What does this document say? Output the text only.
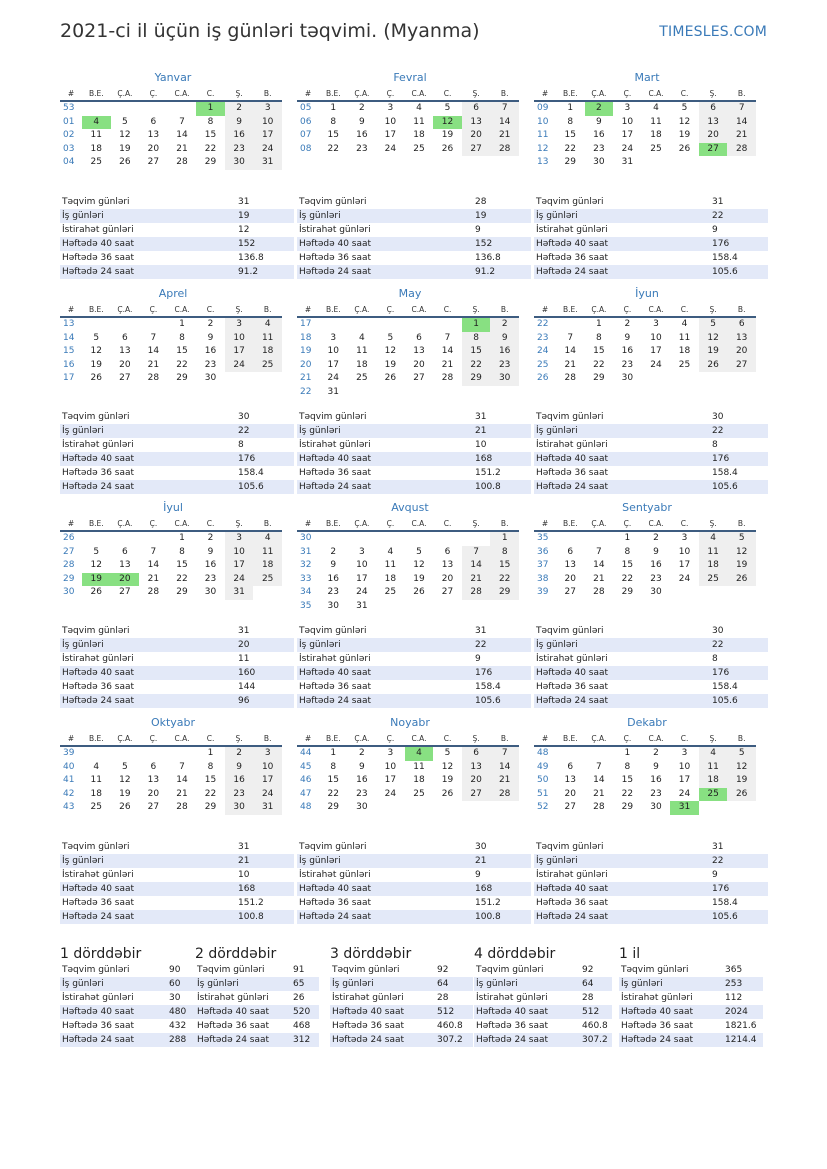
2021-ci il üçün iş günləri təqvimi. (Myanma)	TIMESLES.COM
Yanvar
#	B.E.	Ç.A.	Ç.	C.A.	C.	Ş.	B.
53					1	2	3
01	4	5	6	7	8	9	10
02	11	12	13	14	15	16	17
03	18	19	20	21	22	23	24
04	25	26	27	28	29	30	31
Təqvim günləri	31
İş günləri	19
İstirahət günləri	12
Həftədə 40 saat	152
Həftədə 36 saat	136.8
Həftədə 24 saat	91.2
Fevral
#	B.E.	Ç.A.	Ç.	C.A.	C.	Ş.	B.
05	1	2	3	4	5	6	7
06	8	9	10	11	12	13	14
07	15	16	17	18	19	20	21
08	22	23	24	25	26	27	28
Təqvim günləri	28
İş günləri	19
İstirahət günləri	9
Həftədə 40 saat	152
Həftədə 36 saat	136.8
Həftədə 24 saat	91.2
Mart
#	B.E.	Ç.A.	Ç.	C.A.	C.	Ş.	B.
09	1	2	3	4	5	6	7
10	8	9	10	11	12	13	14
11	15	16	17	18	19	20	21
12	22	23	24	25	26	27	28
13	29	30	31				
Təqvim günləri	31
İş günləri	22
İstirahət günləri	9
Həftədə 40 saat	176
Həftədə 36 saat	158.4
Həftədə 24 saat	105.6
Aprel
#	B.E.	Ç.A.	Ç.	C.A.	C.	Ş.	B.
13				1	2	3	4
14	5	6	7	8	9	10	11
15	12	13	14	15	16	17	18
16	19	20	21	22	23	24	25
17	26	27	28	29	30		
Təqvim günləri	30
İş günləri	22
İstirahət günləri	8
Həftədə 40 saat	176
Həftədə 36 saat	158.4
Həftədə 24 saat	105.6
May
#	B.E.	Ç.A.	Ç.	C.A.	C.	Ş.	B.
17						1	2
18	3	4	5	6	7	8	9
19	10	11	12	13	14	15	16
20	17	18	19	20	21	22	23
21	24	25	26	27	28	29	30
22	31						
Təqvim günləri	31
İş günləri	21
İstirahət günləri	10
Həftədə 40 saat	168
Həftədə 36 saat	151.2
Həftədə 24 saat	100.8
İyun
#	B.E.	Ç.A.	Ç.	C.A.	C.	Ş.	B.
22		1	2	3	4	5	6
23	7	8	9	10	11	12	13
24	14	15	16	17	18	19	20
25	21	22	23	24	25	26	27
26	28	29	30				
Təqvim günləri	30
İş günləri	22
İstirahət günləri	8
Həftədə 40 saat	176
Həftədə 36 saat	158.4
Həftədə 24 saat	105.6
İyul
#	B.E.	Ç.A.	Ç.	C.A.	C.	Ş.	B.
26				1	2	3	4
27	5	6	7	8	9	10	11
28	12	13	14	15	16	17	18
29	19	20	21	22	23	24	25
30	26	27	28	29	30	31	
Təqvim günləri	31
İş günləri	20
İstirahət günləri	11
Həftədə 40 saat	160
Həftədə 36 saat	144
Həftədə 24 saat	96
Avqust
#	B.E.	Ç.A.	Ç.	C.A.	C.	Ş.	B.
30							1
31	2	3	4	5	6	7	8
32	9	10	11	12	13	14	15
33	16	17	18	19	20	21	22
34	23	24	25	26	27	28	29
35	30	31					
Təqvim günləri	31
İş günləri	22
İstirahət günləri	9
Həftədə 40 saat	176
Həftədə 36 saat	158.4
Həftədə 24 saat	105.6
Sentyabr
#	B.E.	Ç.A.	Ç.	C.A.	C.	Ş.	B.
35			1	2	3	4	5
36	6	7	8	9	10	11	12
37	13	14	15	16	17	18	19
38	20	21	22	23	24	25	26
39	27	28	29	30			
Təqvim günləri	30
İş günləri	22
İstirahət günləri	8
Həftədə 40 saat	176
Həftədə 36 saat	158.4
Həftədə 24 saat	105.6
Oktyabr
#	B.E.	Ç.A.	Ç.	C.A.	C.	Ş.	B.
39					1	2	3
40	4	5	6	7	8	9	10
41	11	12	13	14	15	16	17
42	18	19	20	21	22	23	24
43	25	26	27	28	29	30	31
Təqvim günləri	31
İş günləri	21
İstirahət günləri	10
Həftədə 40 saat	168
Həftədə 36 saat	151.2
Həftədə 24 saat	100.8
Noyabr
#	B.E.	Ç.A.	Ç.	C.A.	C.	Ş.	B.
44	1	2	3	4	5	6	7
45	8	9	10	11	12	13	14
46	15	16	17	18	19	20	21
47	22	23	24	25	26	27	28
48	29	30					
Təqvim günləri	30
İş günləri	21
İstirahət günləri	9
Həftədə 40 saat	168
Həftədə 36 saat	151.2
Həftədə 24 saat	100.8
Dekabr
#	B.E.	Ç.A.	Ç.	C.A.	C.	Ş.	B.
48			1	2	3	4	5
49	6	7	8	9	10	11	12
50	13	14	15	16	17	18	19
51	20	21	22	23	24	25	26
52	27	28	29	30	31		
Təqvim günləri	31
İş günləri	22
İstirahət günləri	9
Həftədə 40 saat	176
Həftədə 36 saat	158.4
Həftədə 24 saat	105.6
1 dörddəbir
Təqvim günləri	90
İş günləri	60
İstirahət günləri	30
Həftədə 40 saat	480
Həftədə 36 saat	432
Həftədə 24 saat	288
2 dörddəbir
Təqvim günləri	91
İş günləri	65
İstirahət günləri	26
Həftədə 40 saat	520
Həftədə 36 saat	468
Həftədə 24 saat	312
3 dörddəbir
Təqvim günləri	92
İş günləri	64
İstirahət günləri	28
Həftədə 40 saat	512
Həftədə 36 saat	460.8
Həftədə 24 saat	307.2
4 dörddəbir
Təqvim günləri	92
İş günləri	64
İstirahət günləri	28
Həftədə 40 saat	512
Həftədə 36 saat	460.8
Həftədə 24 saat	307.2
1 il
Təqvim günləri	365
İş günləri	253
İstirahət günləri	112
Həftədə 40 saat	2024
Həftədə 36 saat	1821.6
Həftədə 24 saat	1214.4
